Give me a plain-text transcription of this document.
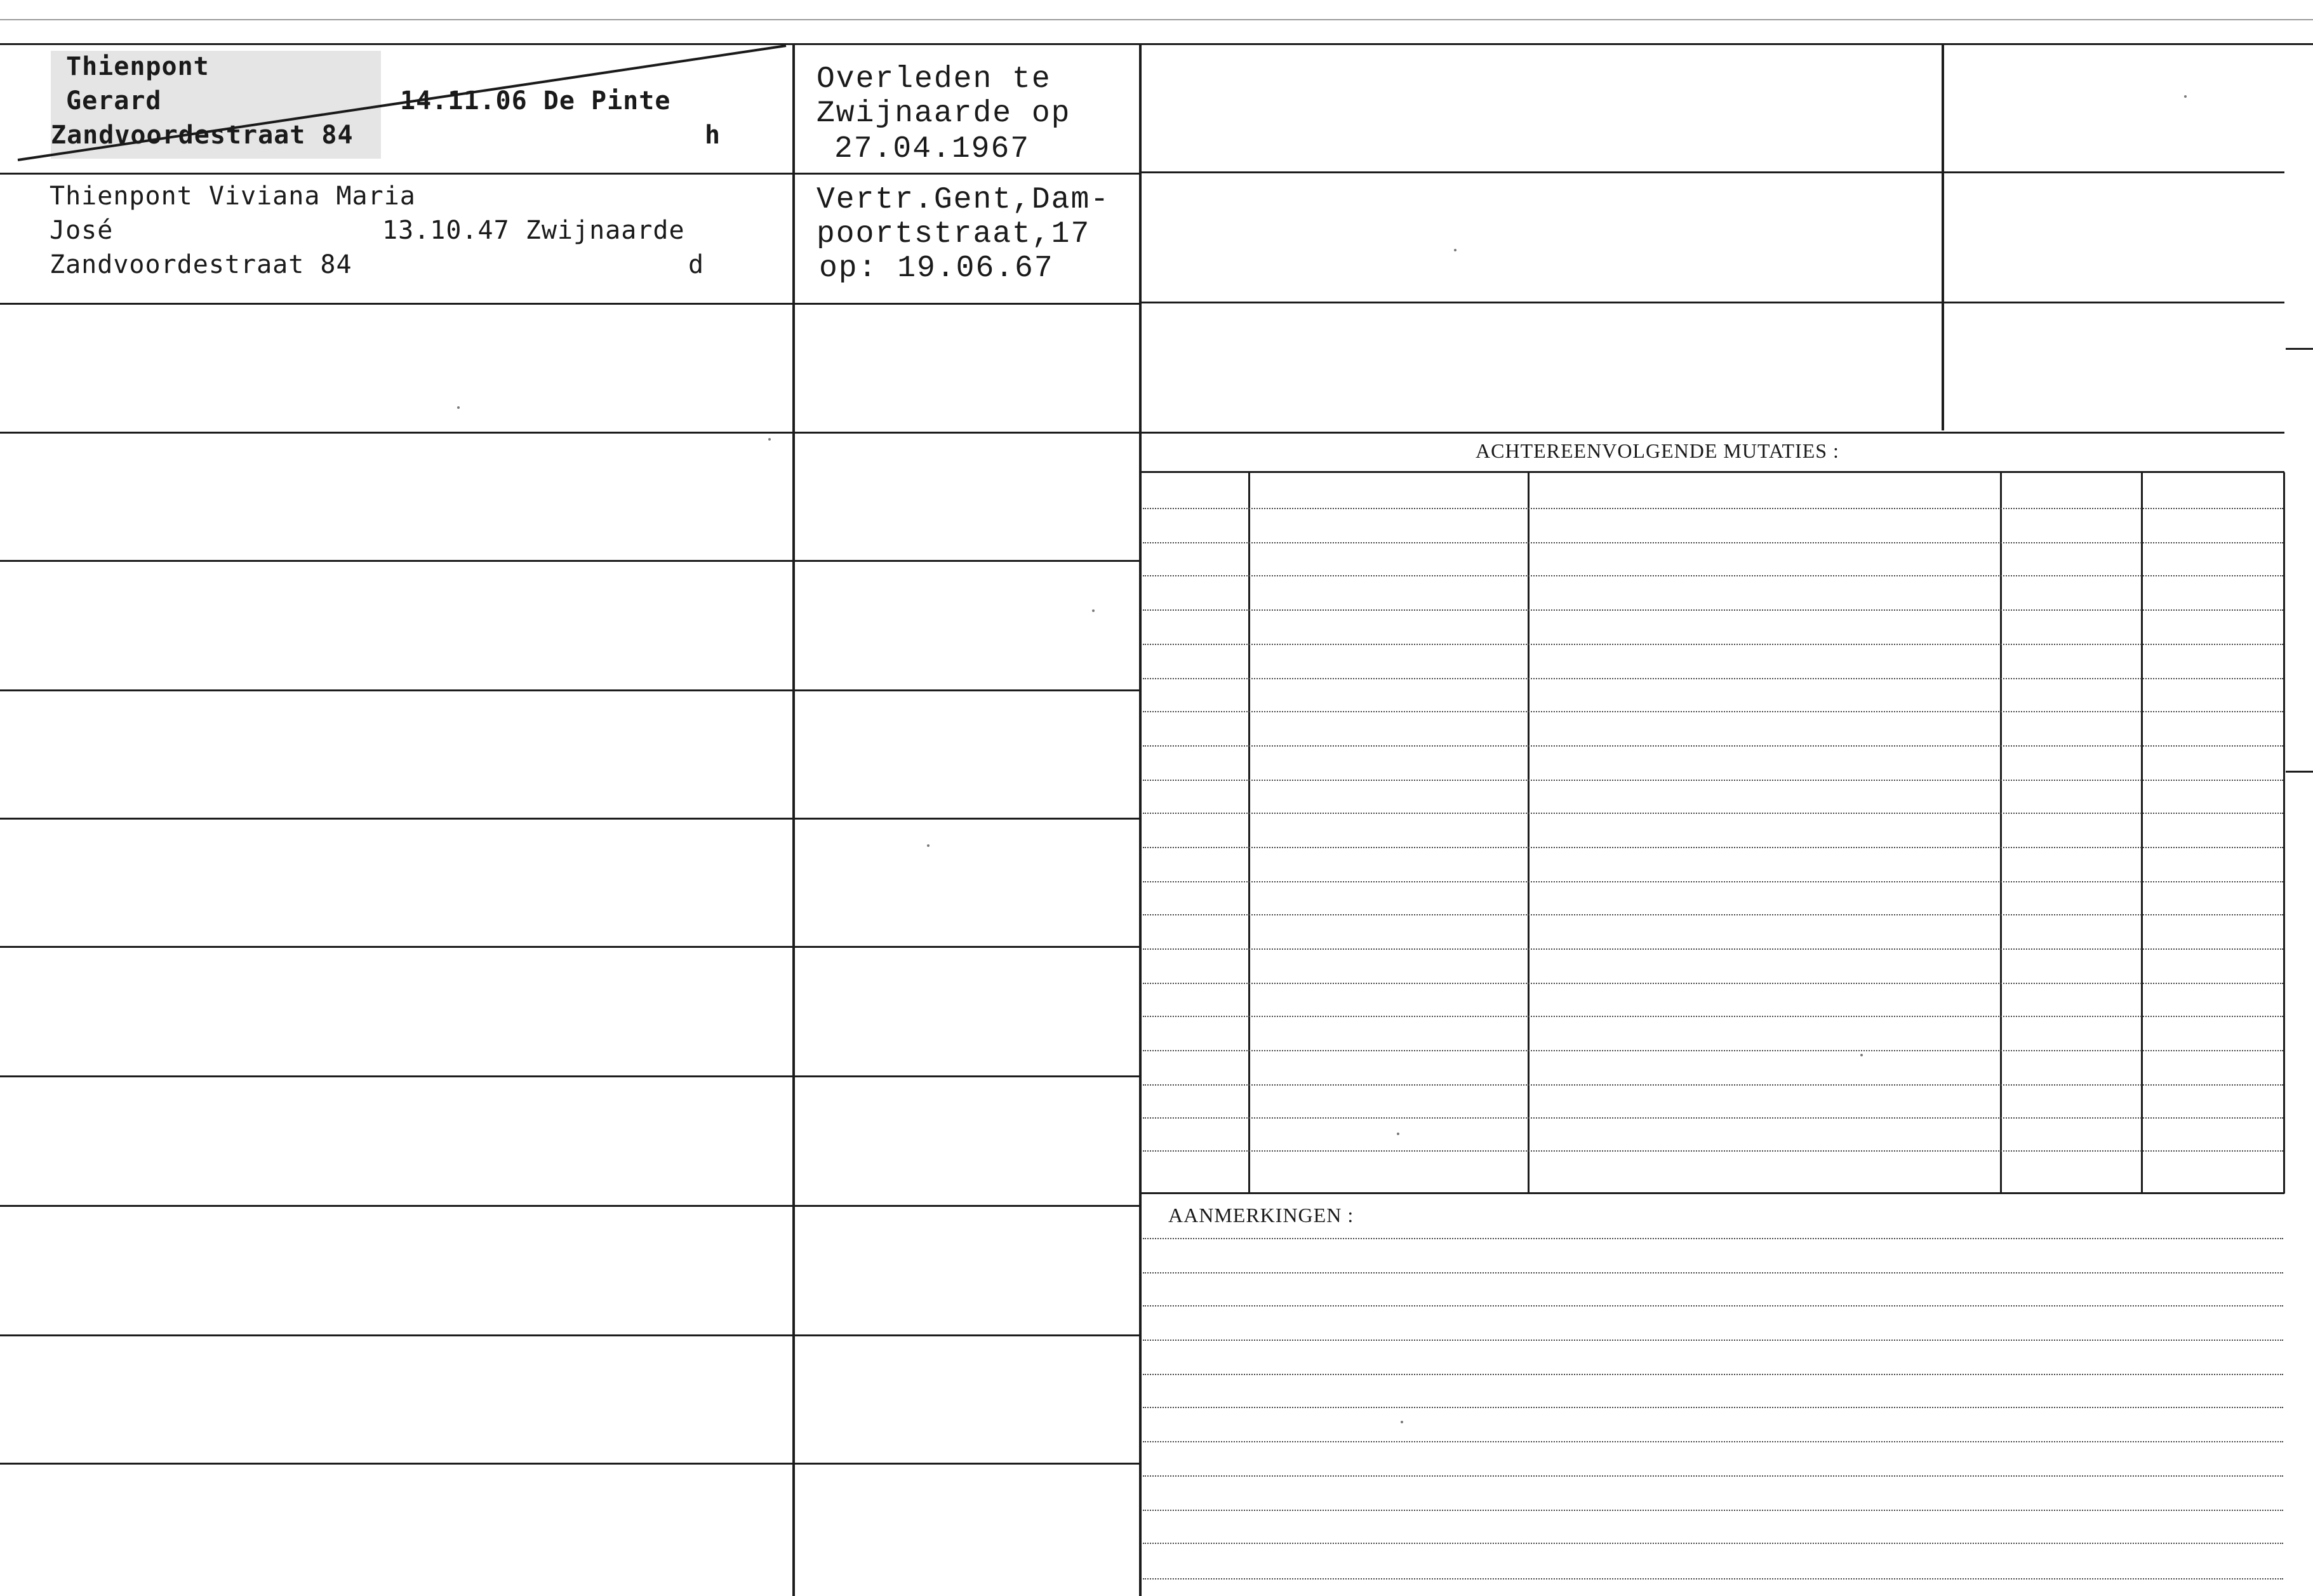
ACHTEREENVOLGENDE MUTATIES :
AANMERKINGEN :
Thienpont
Gerard	14.11.06 De Pinte
Zandvoordestraat 84	h
Overleden te
Zwijnaarde op
27.04.1967
Thienpont Viviana Maria
José	13.10.47 Zwijnaarde
Zandvoordestraat 84	d
Vertr.Gent,Dam-
poortstraat,17
op: 19.06.67
